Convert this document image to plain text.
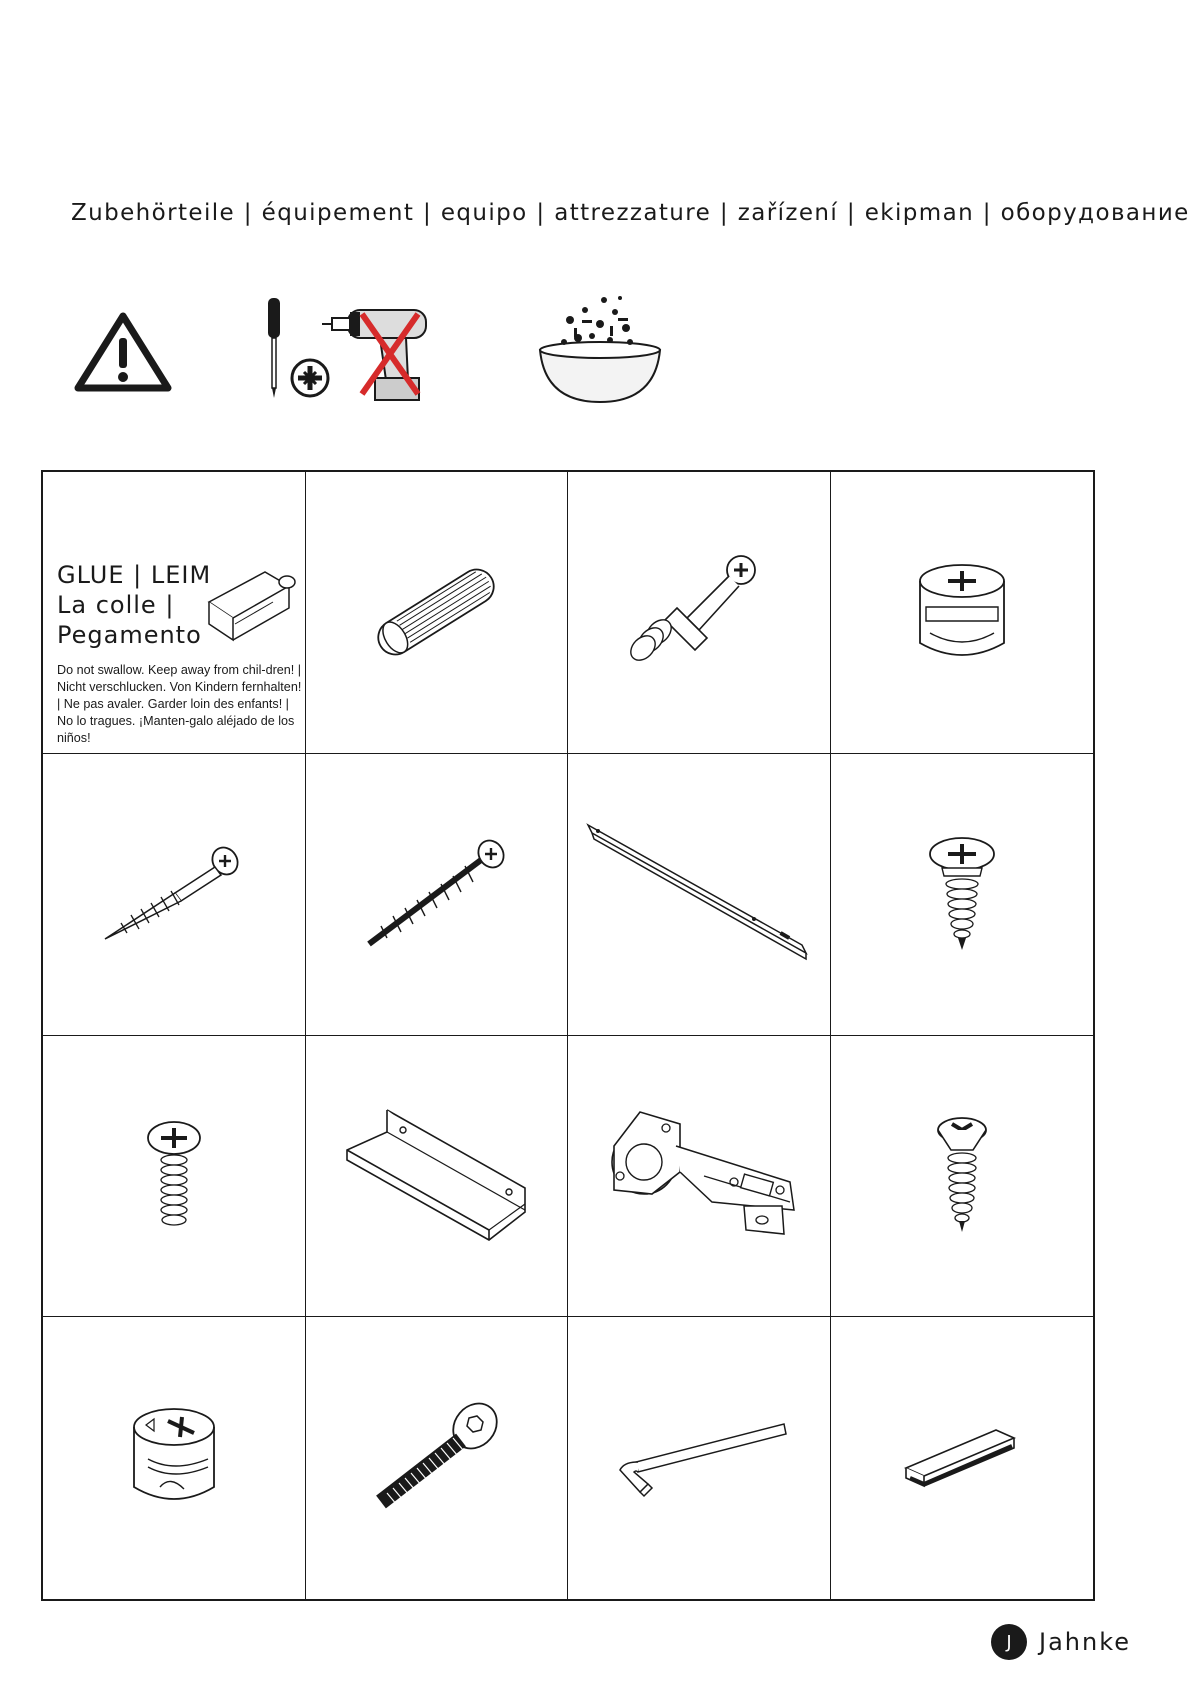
Zubehörteile | équipement | equipo | attrezzature | zařízení | ekipman | оборудование
GLUE | LEIM
La colle |
Pegamento
Do not swallow. Keep away from chil-dren! | Nicht verschlucken. Von Kindern fernhalten! | Ne pas avaler. Garder loin des enfants! | No lo tragues. ¡Manten-galo aléjado de los niños!
J Jahnke
